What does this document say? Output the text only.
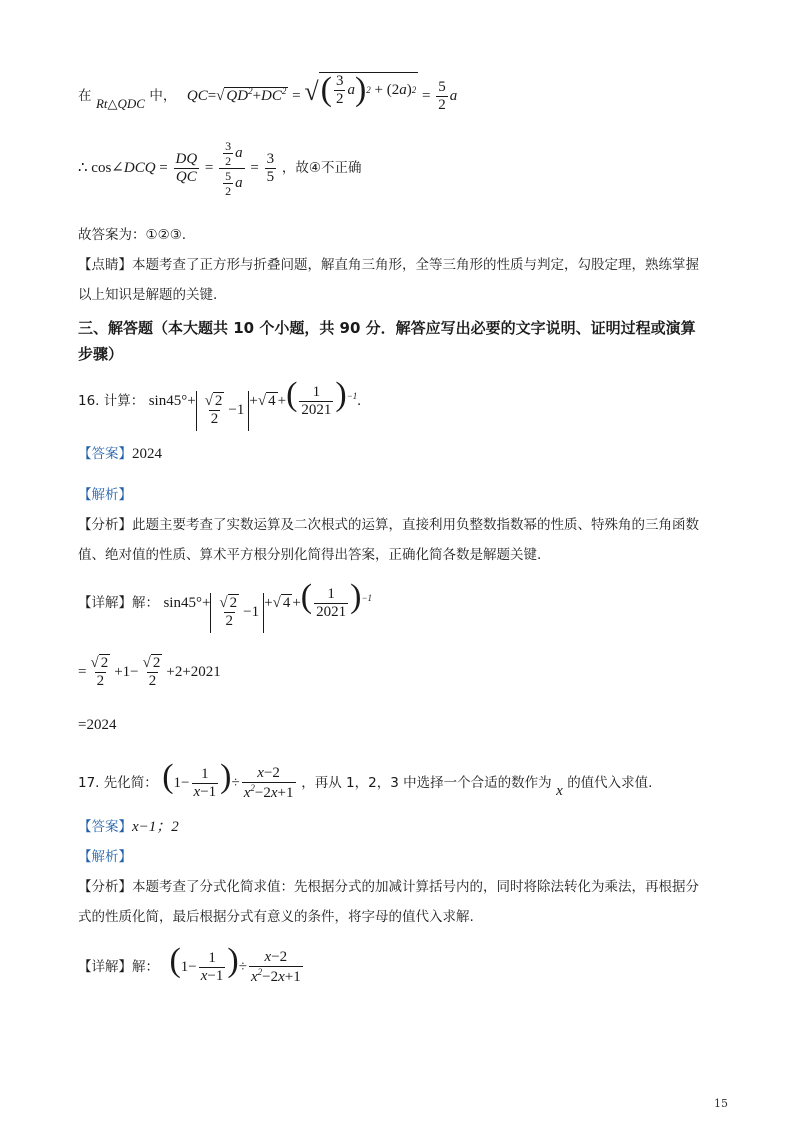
在 Rt△QDC 中， QC=√ $QD^2+DC^2$ = √ ( $\frac{3}{2}$ a ) 2 + (2 a ) $2 = \frac{5}{2}$ a
∴ cos∠DCQ = $\frac{DQ}{QC} = \frac{\frac{3}{2} a}{\frac{5}{2} a} = \frac{3}{5}$ ，故④不正确
故答案为：①②③.
【点睛】本题考查了正方形与折叠问题，解直角三角形，全等三角形的性质与判定，勾股定理，熟练掌握
以上知识是解题的关键.
三、解答题（本大题共 10 个小题，共 90 分．解答应写出必要的文字说明、证明过程或演算
步骤）
16. 计算： $\sin 45^\circ+ \frac{√ 2}{2} -1$
+√ 4 +( $\frac{1}{2021} )^{-1}$.
【答案】2024
【解析】
【分析】此题主要考查了实数运算及二次根式的运算，直接利用负整数指数幂的性质、特殊角的三角函数
值、绝对值的性质、算术平方根分别化简得出答案，正确化简各数是解题关键.
【详解】解： $\sin 45^\circ+ \frac{√ 2}{2} -1$
+√ 4 +( $\frac{1}{2021} )^{-1}$
= $\frac{√ 2}{2} +1- \frac{√ 2}{2} +2+2021$
=2024
17. 先化简： ($1- \frac{1}{x-1}$ )÷ $\frac{x-2}{x^2-2x+1}$ ，再从 1，2，3 中选择一个合适的数作为 x 的值代入求值.
【答案】x−1；2
【解析】
【分析】本题考查了分式化简求值：先根据分式的加减计算括号内的，同时将除法转化为乘法，再根据分
式的性质化简，最后根据分式有意义的条件，将字母的值代入求解.
【详解】解： ($1- \frac{1}{x-1}$ )÷ $\frac{x-2}{x^2-2x+1}$
15
